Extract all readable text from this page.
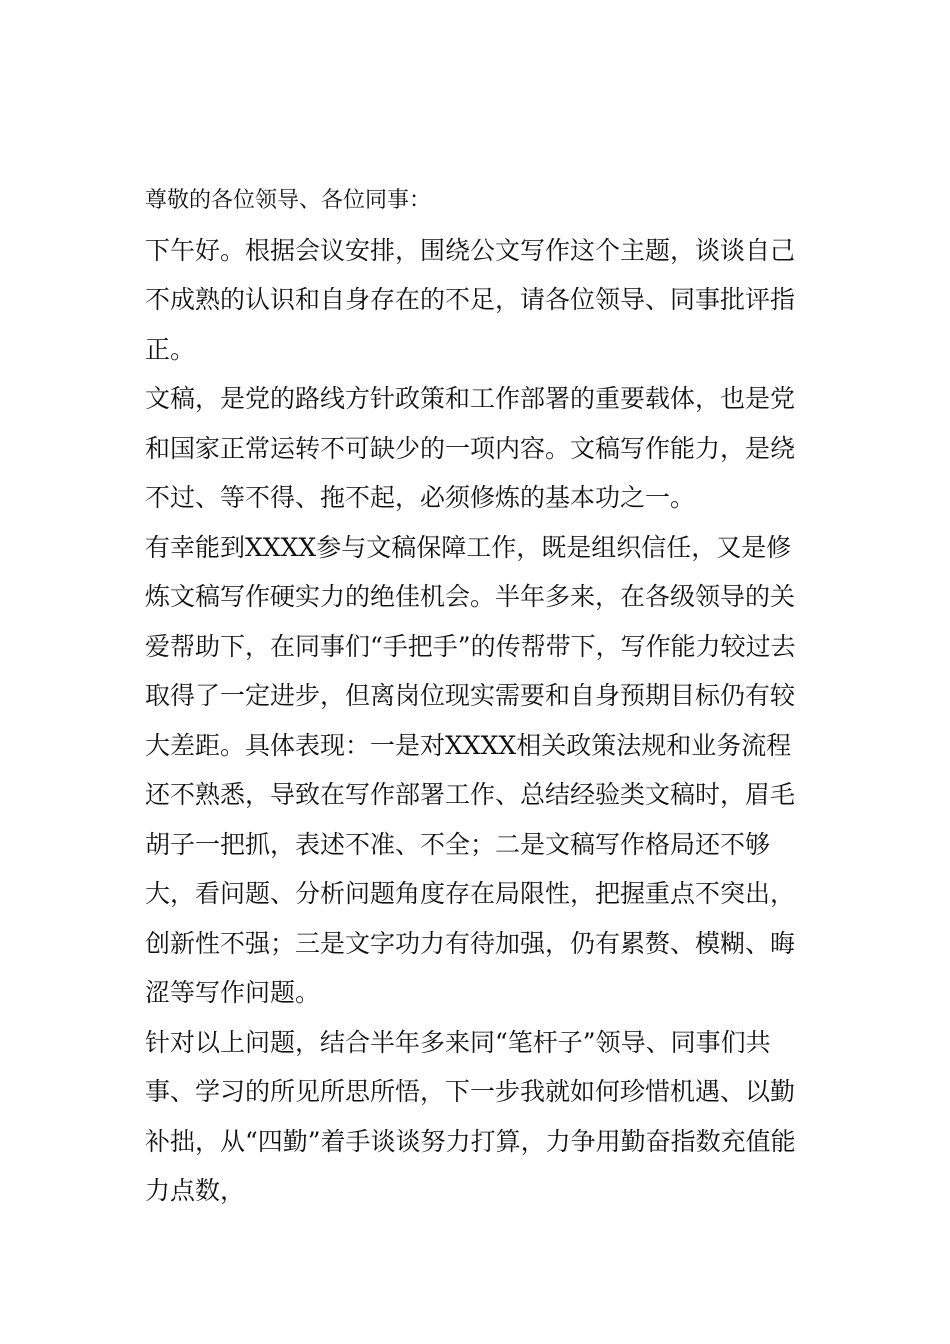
尊敬的各位领导、各位同事：

下午好。根据会议安排，围绕公文写作这个主题，谈谈自己不成熟的认识和自身存在的不足，请各位领导、同事批评指正。

文稿，是党的路线方针政策和工作部署的重要载体，也是党和国家正常运转不可缺少的一项内容。文稿写作能力，是绕不过、等不得、拖不起，必须修炼的基本功之一。

有幸能到XXXX参与文稿保障工作，既是组织信任，又是修炼文稿写作硬实力的绝佳机会。半年多来，在各级领导的关爱帮助下，在同事们“手把手”的传帮带下，写作能力较过去取得了一定进步，但离岗位现实需要和自身预期目标仍有较大差距。具体表现：一是对XXXX相关政策法规和业务流程还不熟悉，导致在写作部署工作、总结经验类文稿时，眉毛胡子一把抓，表述不准、不全；二是文稿写作格局还不够大，看问题、分析问题角度存在局限性，把握重点不突出，创新性不强；三是文字功力有待加强，仍有累赘、模糊、晦涩等写作问题。

针对以上问题，结合半年多来同“笔杆子”领导、同事们共事、学习的所见所思所悟，下一步我就如何珍惜机遇、以勤补拙，从“四勤”着手谈谈努力打算，力争用勤奋指数充值能力点数，
